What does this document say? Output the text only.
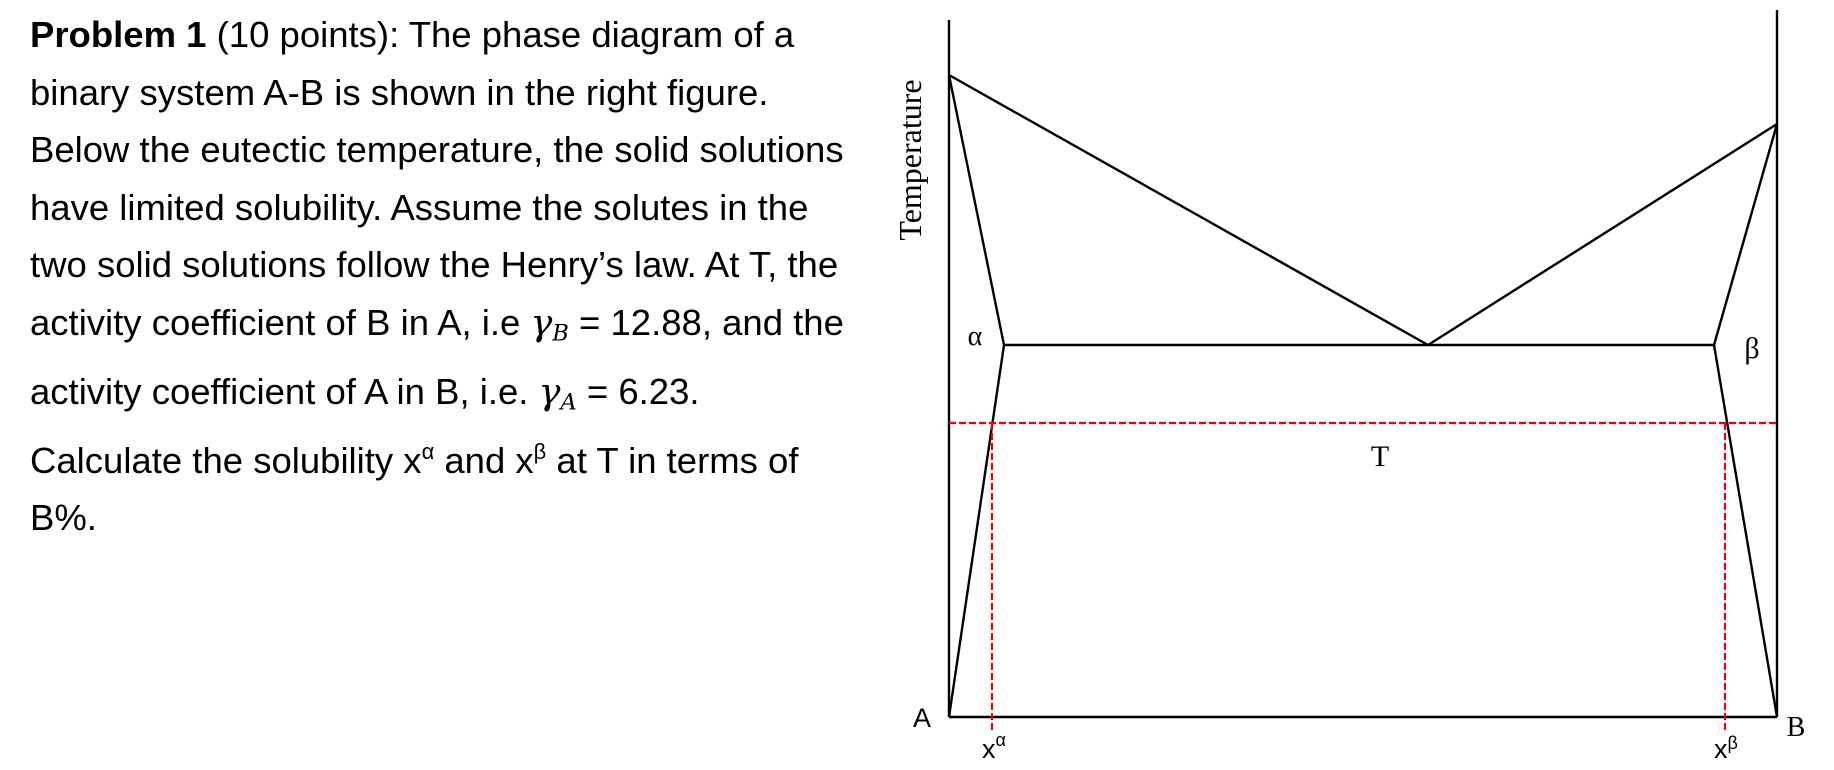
Problem 1 (10 points): The phase diagram of a binary system A-B is shown in the right figure. Below the eutectic temperature, the solid solutions have limited solubility. Assume the solutes in the two solid solutions follow the Henry’s law. At T, the activity coefficient of B in A, i.e γB = 12.88, and the activity coefficient of A in B, i.e. γA = 6.23. Calculate the solubility $x^\alpha$ and $x^\beta$ at T in terms of B%.

Temperature
α	β
T
A	B
$x^\alpha$	$x^\beta$
